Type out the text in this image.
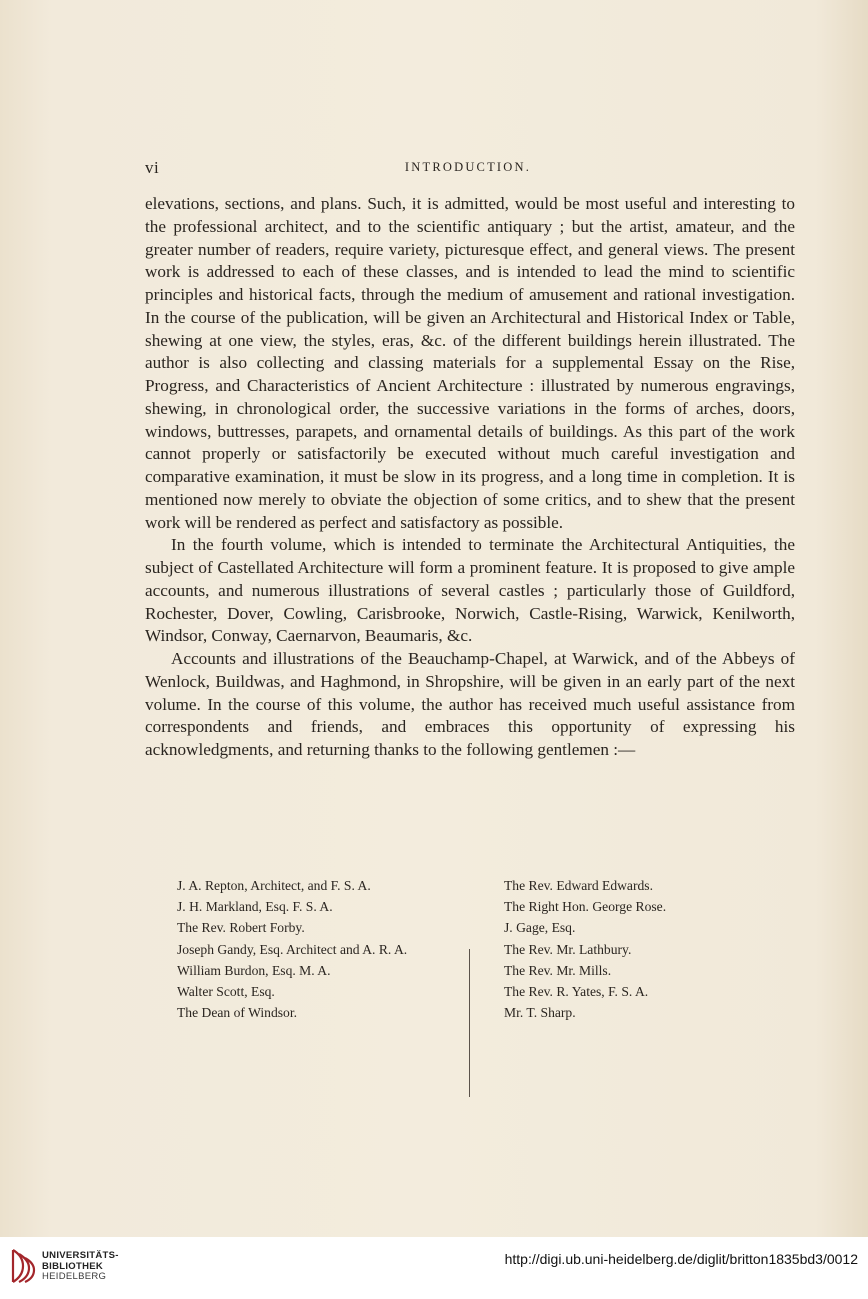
vi	INTRODUCTION.

elevations, sections, and plans. Such, it is admitted, would be most useful and interesting to the professional architect, and to the scientific antiquary ; but the artist, amateur, and the greater number of readers, require variety, picturesque effect, and general views. The present work is addressed to each of these classes, and is intended to lead the mind to scientific principles and historical facts, through the medium of amusement and rational investigation. In the course of the publication, will be given an Architectural and Historical Index or Table, shewing at one view, the styles, eras, &c. of the different buildings herein illustrated. The author is also collecting and classing materials for a supplemental Essay on the Rise, Progress, and Characteristics of Ancient Architecture : illustrated by numerous engravings, shewing, in chronological order, the successive variations in the forms of arches, doors, windows, buttresses, parapets, and ornamental details of buildings. As this part of the work cannot properly or satisfactorily be executed without much careful investigation and comparative examination, it must be slow in its progress, and a long time in completion. It is mentioned now merely to obviate the objection of some critics, and to shew that the present work will be rendered as perfect and satisfactory as possible.

In the fourth volume, which is intended to terminate the Architectural Antiquities, the subject of Castellated Architecture will form a prominent feature. It is proposed to give ample accounts, and numerous illustrations of several castles ; particularly those of Guildford, Rochester, Dover, Cowling, Carisbrooke, Norwich, Castle-Rising, Warwick, Kenilworth, Windsor, Conway, Caernarvon, Beaumaris, &c.

Accounts and illustrations of the Beauchamp-Chapel, at Warwick, and of the Abbeys of Wenlock, Buildwas, and Haghmond, in Shropshire, will be given in an early part of the next volume. In the course of this volume, the author has received much useful assistance from correspondents and friends, and embraces this opportunity of expressing his acknowledgments, and returning thanks to the following gentlemen :—

J. A. Repton, Architect, and F. S. A.
J. H. Markland, Esq. F. S. A.
The Rev. Robert Forby.
Joseph Gandy, Esq. Architect and A. R. A.
William Burdon, Esq. M. A.
Walter Scott, Esq.
The Dean of Windsor.
The Rev. Edward Edwards.
The Right Hon. George Rose.
J. Gage, Esq.
The Rev. Mr. Lathbury.
The Rev. Mr. Mills.
The Rev. R. Yates, F. S. A.
Mr. T. Sharp.
UNIVERSITÄTS-
BIBLIOTHEK
HEIDELBERG
http://digi.ub.uni-heidelberg.de/diglit/britton1835bd3/0012
